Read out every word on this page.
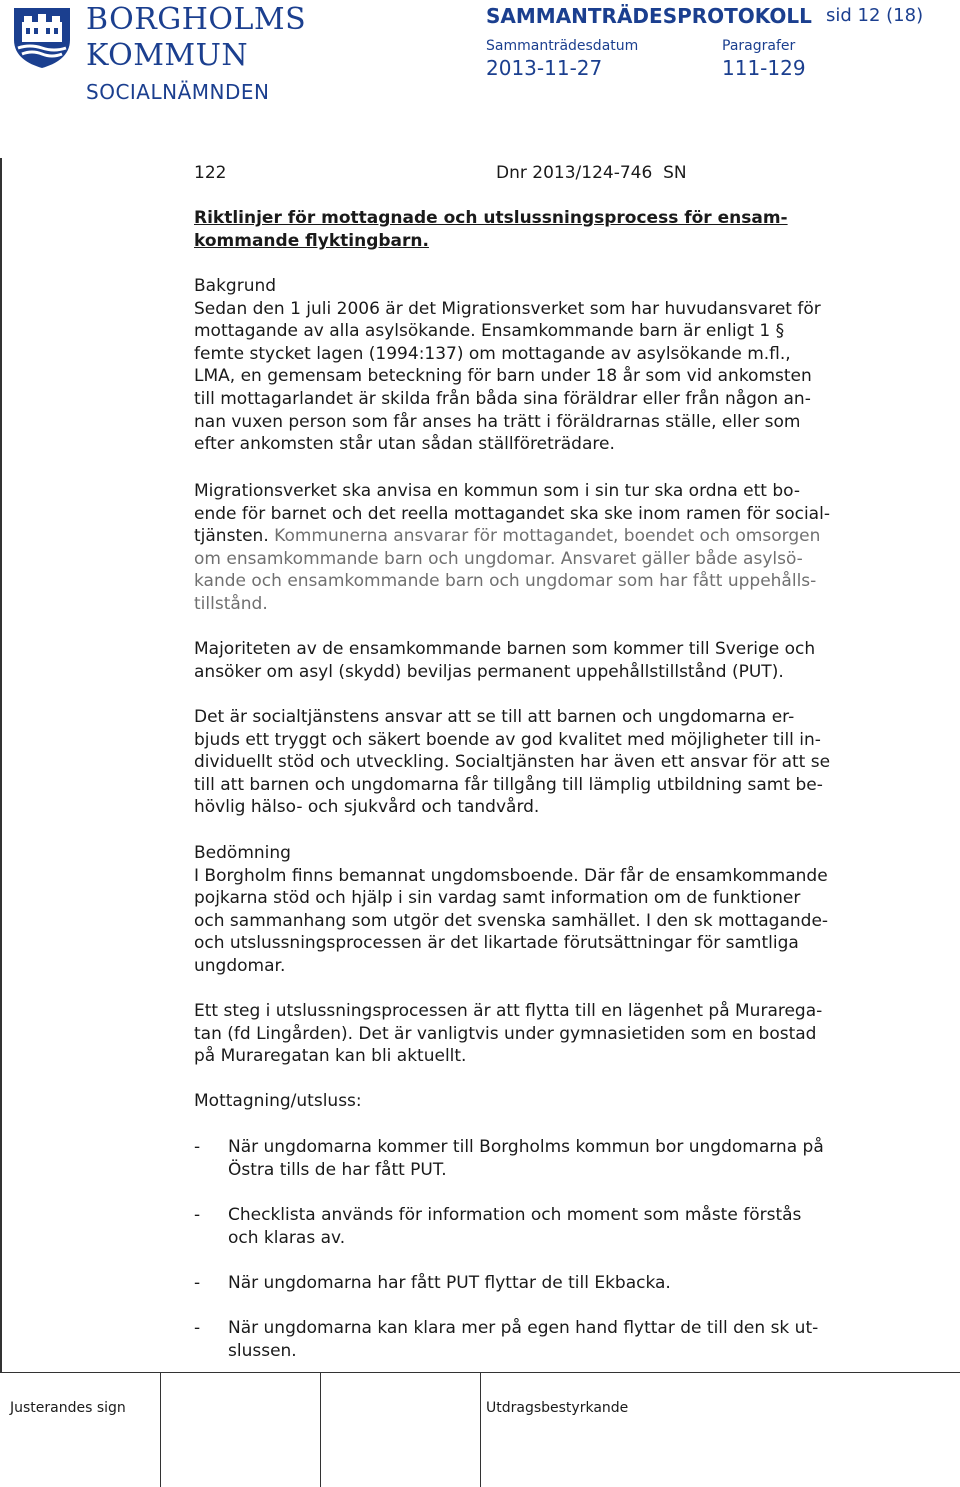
BORGHOLMS
KOMMUN
SOCIALNÄMNDEN
SAMMANTRÄDESPROTOKOLL sid 12 (18)
Sammanträdesdatum	Paragrafer
2013-11-27	111-129
122	Dnr 2013/124-746  SN
Riktlinjer för mottagnade och utslussningsprocess för ensam-
kommande flyktingbarn.
Bakgrund
Sedan den 1 juli 2006 är det Migrationsverket som har huvudansvaret för
mottagande av alla asylsökande. Ensamkommande barn är enligt 1 §
femte stycket lagen (1994:137) om mottagande av asylsökande m.fl.,
LMA, en gemensam beteckning för barn under 18 år som vid ankomsten
till mottagarlandet är skilda från båda sina föräldrar eller från någon an-
nan vuxen person som får anses ha trätt i föräldrarnas ställe, eller som
efter ankomsten står utan sådan ställföreträdare.
Migrationsverket ska anvisa en kommun som i sin tur ska ordna ett bo-
ende för barnet och det reella mottagandet ska ske inom ramen för social-
tjänsten. Kommunerna ansvarar för mottagandet, boendet och omsorgen
om ensamkommande barn och ungdomar. Ansvaret gäller både asylsö-
kande och ensamkommande barn och ungdomar som har fått uppehålls-
tillstånd.
Majoriteten av de ensamkommande barnen som kommer till Sverige och
ansöker om asyl (skydd) beviljas permanent uppehållstillstånd (PUT).
Det är socialtjänstens ansvar att se till att barnen och ungdomarna er-
bjuds ett tryggt och säkert boende av god kvalitet med möjligheter till in-
dividuellt stöd och utveckling. Socialtjänsten har även ett ansvar för att se
till att barnen och ungdomarna får tillgång till lämplig utbildning samt be-
hövlig hälso- och sjukvård och tandvård.
Bedömning
I Borgholm finns bemannat ungdomsboende. Där får de ensamkommande
pojkarna stöd och hjälp i sin vardag samt information om de funktioner
och sammanhang som utgör det svenska samhället. I den sk mottagande-
och utslussningsprocessen är det likartade förutsättningar för samtliga
ungdomar.
Ett steg i utslussningsprocessen är att flytta till en lägenhet på Muraregа-
tan (fd Lingården). Det är vanligtvis under gymnasietiden som en bostad
på Muraregatan kan bli aktuellt.
Mottagning/utsluss:
- När ungdomarna kommer till Borgholms kommun bor ungdomarna på
Östra tills de har fått PUT.
- Checklista används för information och moment som måste förstås
och klaras av.
- När ungdomarna har fått PUT flyttar de till Ekbacka.
- När ungdomarna kan klara mer på egen hand flyttar de till den sk ut-
slussen.
Justerandes sign	Utdragsbestyrkande
